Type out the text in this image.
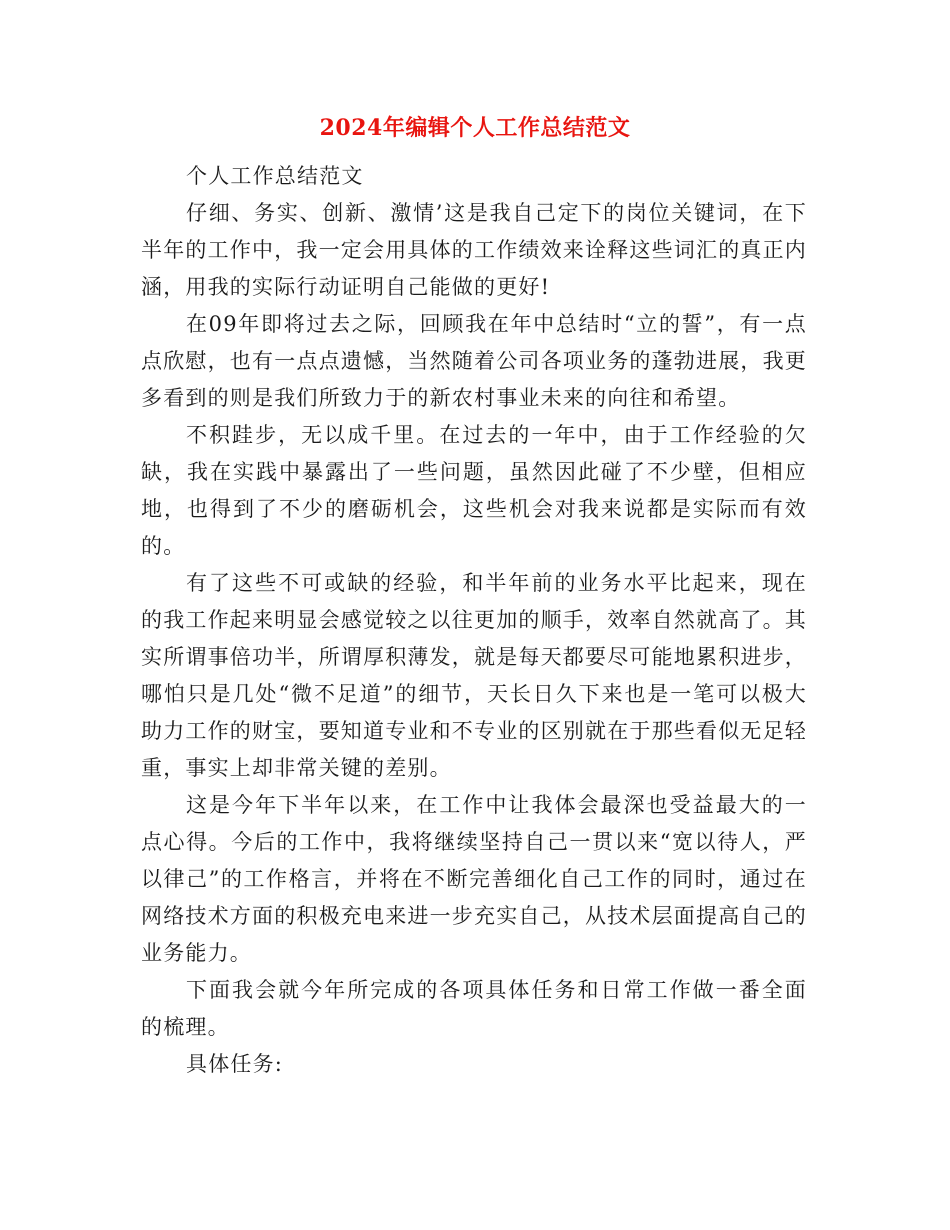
2024年编辑个人工作总结范文

个人工作总结范文

仔细、务实、创新、激情’这是我自己定下的岗位关键词，在下半年的工作中，我一定会用具体的工作绩效来诠释这些词汇的真正内涵，用我的实际行动证明自己能做的更好!

在09年即将过去之际，回顾我在年中总结时“立的誓”，有一点点欣慰，也有一点点遗憾，当然随着公司各项业务的蓬勃进展，我更多看到的则是我们所致力于的新农村事业未来的向往和希望。

不积跬步，无以成千里。在过去的一年中，由于工作经验的欠缺，我在实践中暴露出了一些问题，虽然因此碰了不少壁，但相应地，也得到了不少的磨砺机会，这些机会对我来说都是实际而有效的。

有了这些不可或缺的经验，和半年前的业务水平比起来，现在的我工作起来明显会感觉较之以往更加的顺手，效率自然就高了。其实所谓事倍功半，所谓厚积薄发，就是每天都要尽可能地累积进步，哪怕只是几处“微不足道”的细节，天长日久下来也是一笔可以极大助力工作的财宝，要知道专业和不专业的区别就在于那些看似无足轻重，事实上却非常关键的差别。

这是今年下半年以来，在工作中让我体会最深也受益最大的一点心得。今后的工作中，我将继续坚持自己一贯以来“宽以待人，严以律己”的工作格言，并将在不断完善细化自己工作的同时，通过在网络技术方面的积极充电来进一步充实自己，从技术层面提高自己的业务能力。

下面我会就今年所完成的各项具体任务和日常工作做一番全面的梳理。

具体任务:
